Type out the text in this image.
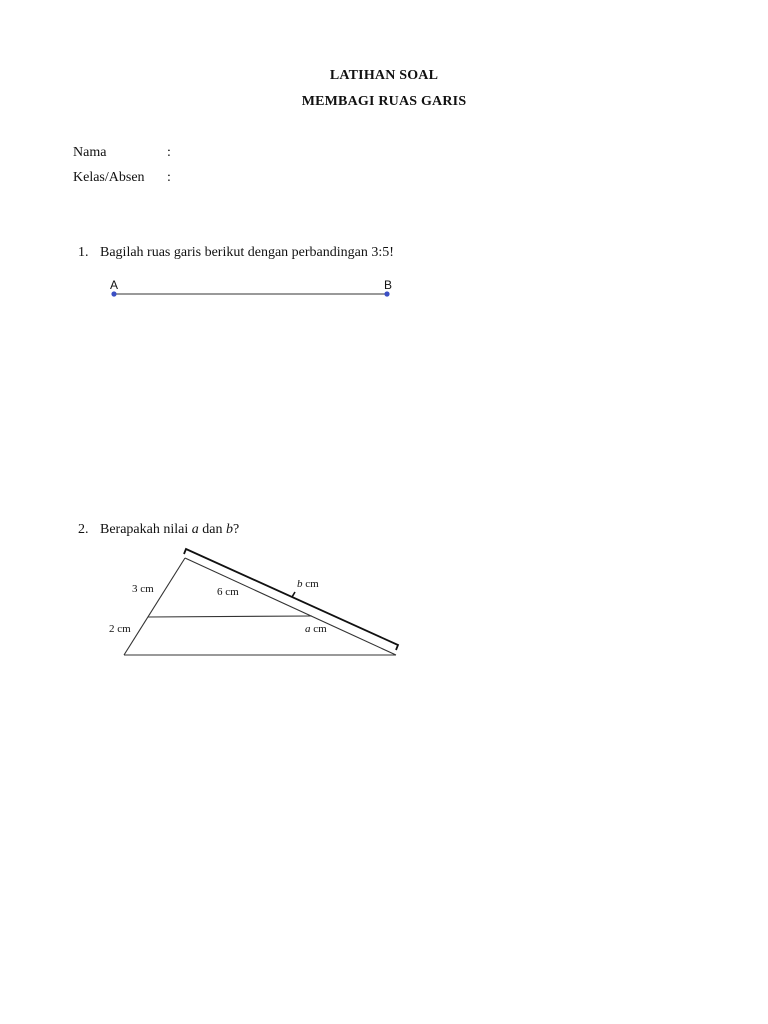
LATIHAN SOAL
MEMBAGI RUAS GARIS
Nama	:
Kelas/Absen :
1. Bagilah ruas garis berikut dengan perbandingan 3:5!
A	B
2. Berapakah nilai a dan b?
3 cm
2 cm
6 cm
b cm
a cm
